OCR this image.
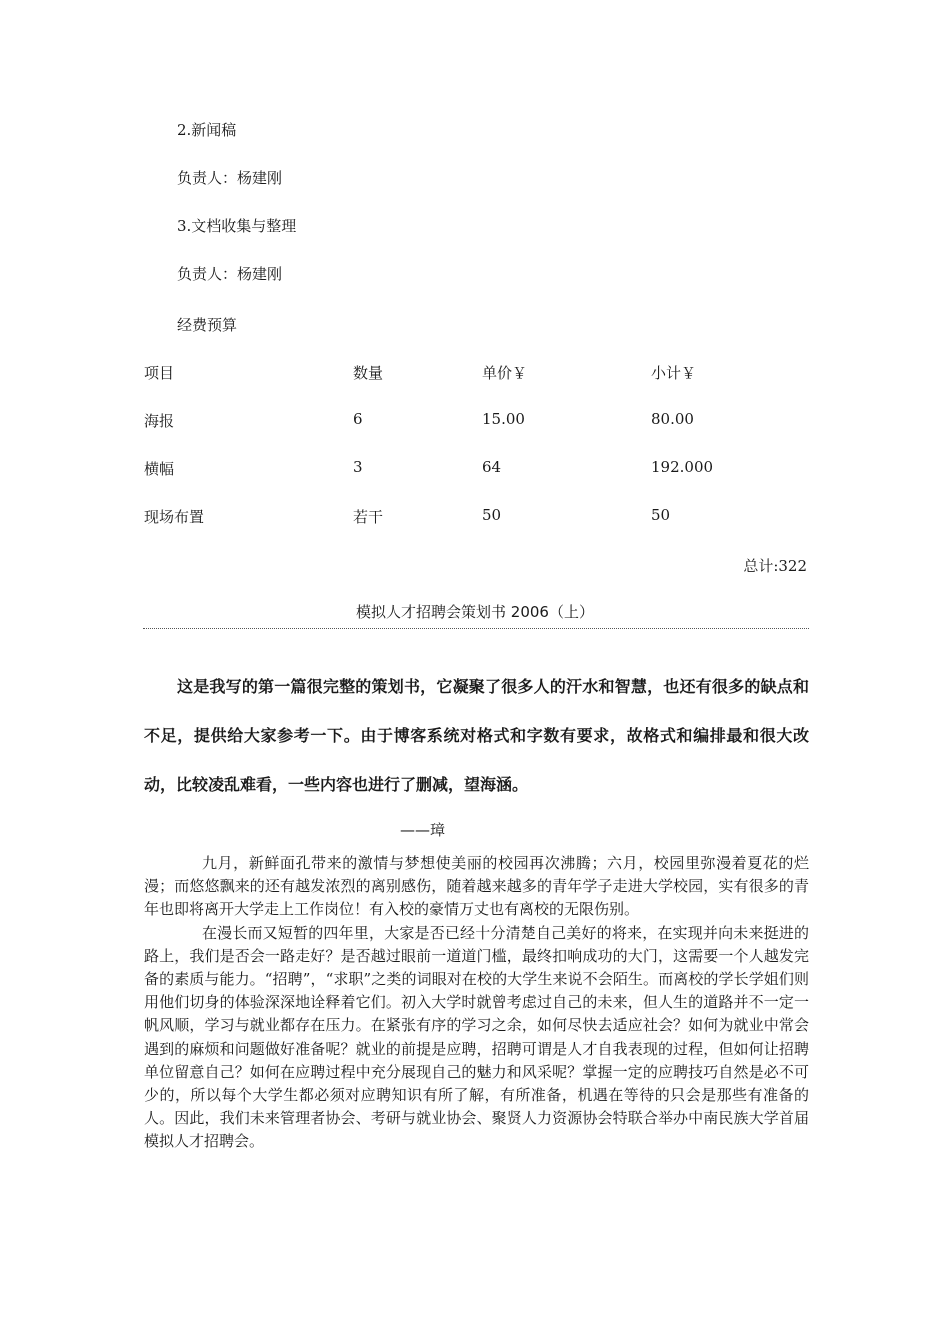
2.新闻稿
负责人：杨建刚
3.文档收集与整理
负责人：杨建刚
经费预算
项目	数量	单价￥	小计￥
海报	6	15.00	80.00
横幅	3	64	192.000
现场布置	若干	50	50
总计:322
模拟人才招聘会策划书 2006（上）
这是我写的第一篇很完整的策划书，它凝聚了很多人的汗水和智慧，也还有很多的缺点和不足，提供给大家参考一下。由于博客系统对格式和字数有要求，故格式和编排最和很大改动，比较凌乱难看，一些内容也进行了删减，望海涵。
——璋

九月，新鲜面孔带来的激情与梦想使美丽的校园再次沸腾；六月，校园里弥漫着夏花的烂漫；而悠悠飘来的还有越发浓烈的离别感伤，随着越来越多的青年学子走进大学校园，实有很多的青年也即将离开大学走上工作岗位！有入校的豪情万丈也有离校的无限伤别。

在漫长而又短暂的四年里，大家是否已经十分清楚自己美好的将来，在实现并向未来挺进的路上，我们是否会一路走好？是否越过眼前一道道门槛，最终扣响成功的大门，这需要一个人越发完备的素质与能力。“招聘”，“求职”之类的词眼对在校的大学生来说不会陌生。而离校的学长学姐们则用他们切身的体验深深地诠释着它们。初入大学时就曾考虑过自己的未来，但人生的道路并不一定一帆风顺，学习与就业都存在压力。在紧张有序的学习之余，如何尽快去适应社会？如何为就业中常会遇到的麻烦和问题做好准备呢？就业的前提是应聘，招聘可谓是人才自我表现的过程，但如何让招聘单位留意自己？如何在应聘过程中充分展现自己的魅力和风采呢？掌握一定的应聘技巧自然是必不可少的，所以每个大学生都必须对应聘知识有所了解，有所准备，机遇在等待的只会是那些有准备的人。因此，我们未来管理者协会、考研与就业协会、聚贤人力资源协会特联合举办中南民族大学首届模拟人才招聘会。
